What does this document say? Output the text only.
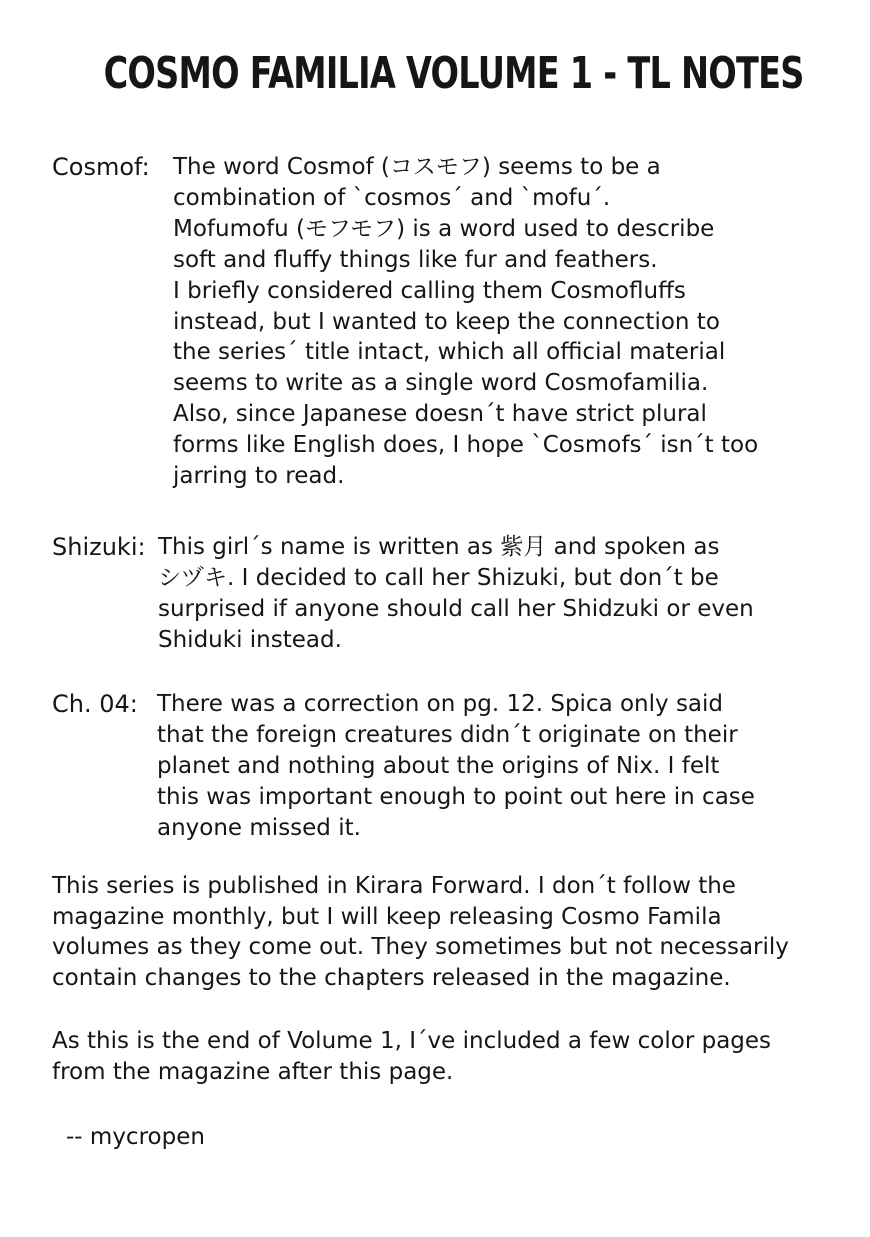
COSMO FAMILIA VOLUME 1 - TL NOTES
Cosmof: The word Cosmof (コスモフ) seems to be a
combination of `cosmos´ and `mofu´.
Mofumofu (モフモフ) is a word used to describe
soft and fluffy things like fur and feathers.
I briefly considered calling them Cosmofluffs
instead, but I wanted to keep the connection to
the series´ title intact, which all official material
seems to write as a single word Cosmofamilia.
Also, since Japanese doesn´t have strict plural
forms like English does, I hope `Cosmofs´ isn´t too
jarring to read.
Shizuki: This girl´s name is written as 紫月 and spoken as
シヅキ. I decided to call her Shizuki, but don´t be
surprised if anyone should call her Shidzuki or even
Shiduki instead.
Ch. 04: There was a correction on pg. 12. Spica only said
that the foreign creatures didn´t originate on their
planet and nothing about the origins of Nix. I felt
this was important enough to point out here in case
anyone missed it.
This series is published in Kirara Forward. I don´t follow the
magazine monthly, but I will keep releasing Cosmo Famila
volumes as they come out. They sometimes but not necessarily
contain changes to the chapters released in the magazine.
As this is the end of Volume 1, I´ve included a few color pages
from the magazine after this page.
-- mycropen
